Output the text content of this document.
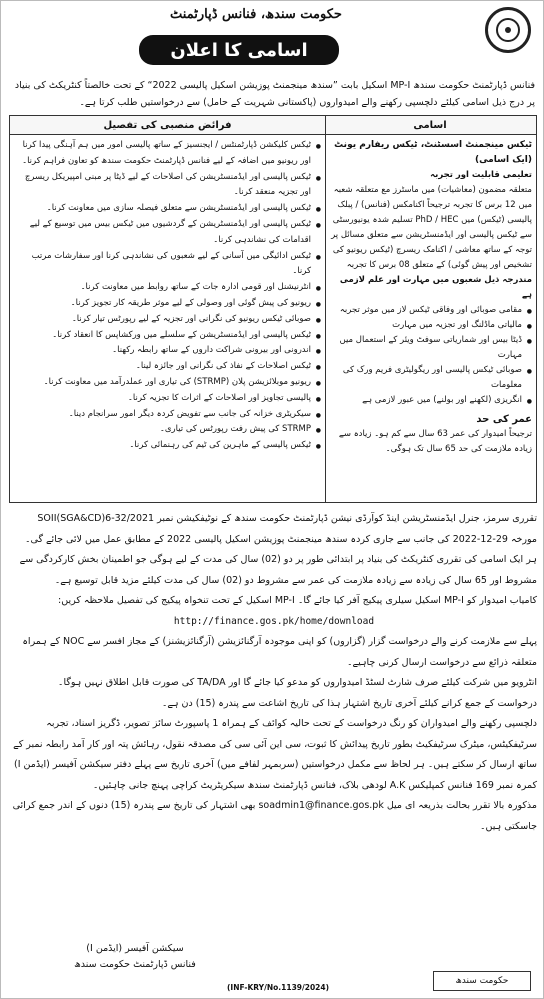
حکومت سندھ، فنانس ڈپارٹمنٹ
اسامی کا اعلان
فنانس ڈپارٹمنٹ حکومت سندھ MP-I اسکیل بابت ”سندھ مینجمنٹ پوزیشن اسکیل پالیسی 2022“ کے تحت خالصتاً کنٹریکٹ کی بنیاد پر درج ذیل اسامی کیلئے دلچسپی رکھنے والے امیدواروں (پاکستانی شہریت کے حامل) سے درخواستیں طلب کرتا ہے۔
اسامی
فرائض منصبی کی تفصیل
ٹیکس مینجمنٹ اسسٹنٹ، ٹیکس ریفارم یونٹ (ایک اسامی)
تعلیمی قابلیت اور تجربہ
متعلقہ مضمون (معاشیات) میں ماسٹرز مع متعلقہ شعبہ میں 12 برس کا تجربہ ترجیحاً اکنامکس (فنانس) / پبلک پالیسی (ٹیکس) میں PhD / HEC تسلیم شدہ یونیورسٹی سے ٹیکس پالیسی اور ایڈمنسٹریشن سے متعلق مسائل پر توجہ کے ساتھ معاشی / اکنامک ریسرچ (ٹیکس ریونیو کی تشخیص اور پیش گوئی) کے متعلق 08 برس کا تجربہ
مندرجہ ذیل شعبوں میں مہارت اور علم لازمی ہے
● مقامی صوبائی اور وفاقی ٹیکس لاز میں موثر تجربہ
● مالیاتی ماڈلنگ اور تجزیہ میں مہارت
● ڈیٹا بیس اور شماریاتی سوفٹ ویئر کے استعمال میں مہارت
● صوبائی ٹیکس پالیسی اور ریگولیٹری فریم ورک کی معلومات
● انگریزی (لکھنے اور بولنے) میں عبور لازمی ہے
عمر کی حد
ترجیحاً امیدوار کی عمر 63 سال سے کم ہو۔ زیادہ سے زیادہ ملازمت کی حد 65 سال تک ہوگی۔
● ٹیکس کلیکشن ڈپارٹمنٹس / ایجنسیز کے ساتھ پالیسی امور میں ہم آہنگی پیدا کرنا اور ریونیو میں اضافہ کے لیے فنانس ڈپارٹمنٹ حکومت سندھ کو تعاون فراہم کرنا۔
● ٹیکس پالیسی اور ایڈمنسٹریشن کی اصلاحات کے لیے ڈیٹا پر مبنی امپیریکل ریسرچ اور تجزیہ منعقد کرنا۔
● ٹیکس پالیسی اور ایڈمنسٹریشن سے متعلق فیصلہ سازی میں معاونت کرنا۔
● ٹیکس پالیسی اور ایڈمنسٹریشن کے گردشیوں میں ٹیکس بیس میں توسیع کے لیے اقدامات کی نشاندہی کرنا۔
● ٹیکس ادائیگی میں آسانی کے لیے شعبوں کی نشاندہی کرنا اور سفارشات مرتب کرنا۔
● انٹرنیشنل اور قومی ادارہ جات کے ساتھ روابط میں معاونت کرنا۔
● ریونیو کی پیش گوئی اور وصولی کے لیے موثر طریقہ کار تجویز کرنا۔
● صوبائی ٹیکس ریونیو کی نگرانی اور تجزیہ کے لیے رپورٹس تیار کرنا۔
● ٹیکس پالیسی اور ایڈمنسٹریشن کے سلسلے میں ورکشاپس کا انعقاد کرنا۔
● اندرونی اور بیرونی شراکت داروں کے ساتھ رابطہ رکھنا۔
● ٹیکس اصلاحات کے نفاذ کی نگرانی اور جائزہ لینا۔
● ریونیو موبلائزیشن پلان (STRMP) کی تیاری اور عملدرآمد میں معاونت کرنا۔
● پالیسی تجاویز اور اصلاحات کے اثرات کا تجزیہ کرنا۔
● سیکریٹری خزانہ کی جانب سے تفویض کردہ دیگر امور سرانجام دینا۔
● STRMP کی پیش رفت رپورٹس کی تیاری۔
● ٹیکس پالیسی کے ماہرین کی ٹیم کی رہنمائی کرنا۔

تقرری سرمز، جنرل ایڈمنسٹریشن اینڈ کوآرڈی نیشن ڈپارٹمنٹ حکومت سندھ کے نوٹیفکیشن نمبر SOII(SGA&CD)6-32/2021 مورخہ 29-12-2022 کی جانب سے جاری کردہ سندھ مینجمنٹ پوزیشن اسکیل پالیسی 2022 کے مطابق عمل میں لائی جائے گی۔

ہر ایک اسامی کی تقرری کنٹریکٹ کی بنیاد پر ابتدائی طور پر دو (02) سال کی مدت کے لیے ہوگی جو اطمینان بخش کارکردگی سے مشروط اور 65 سال کی زیادہ سے زیادہ ملازمت کی عمر سے مشروط دو (02) سال کی مدت کیلئے مزید قابل توسیع ہے۔

کامیاب امیدوار کو MP-I اسکیل سیلری پیکیج آفر کیا جائے گا۔ MP-I اسکیل کے تحت تنخواہ پیکیج کی تفصیل ملاحظہ کریں:

http://finance.gos.pk/home/download

پہلے سے ملازمت کرنے والے درخواست گزار (گزاروں) کو اپنی موجودہ آرگنائزیشن (آرگنائزیشنز) کے مجاز افسر سے NOC کے ہمراہ متعلقہ ذرائع سے درخواست ارسال کرنی چاہیے۔

انٹرویو میں شرکت کیلئے صرف شارٹ لسٹڈ امیدواروں کو مدعو کیا جائے گا اور TA/DA کی صورت قابل اطلاق نہیں ہوگا۔

درخواست کے جمع کرانے کیلئے آخری تاریخ اشتہار ہذا کی تاریخ اشاعت سے پندرہ (15) دن ہے۔

دلچسپی رکھنے والے امیدواران کو رنگ درخواست کے تحت حالیہ کوائف کے ہمراہ 1 پاسپورٹ سائز تصویر، ڈگریز اسناد، تجربہ سرٹیفکیٹس، میٹرک سرٹیفکیٹ بطور تاریخ پیدائش کا ثبوت، سی این آئی سی کی مصدقہ نقول، رہائش پتہ اور کار آمد رابطہ نمبر کے ساتھ ارسال کر سکتے ہیں۔ ہر لحاظ سے مکمل درخواستیں (سربمہر لفافے میں) آخری تاریخ سے پہلے دفتر سیکشن آفیسر (ایڈمن I) کمرہ نمبر 169 فنانس کمپلیکس A.K لودھی بلاک، فنانس ڈپارٹمنٹ سندھ سیکریٹریٹ کراچی پہنچ جانی چاہئیں۔

مذکورہ بالا تقرر بحالت بذریعہ ای میل soadmin1@finance.gos.pk بھی اشتہار کی تاریخ سے پندرہ (15) دنوں کے اندر جمع کرائی جاسکتی ہیں۔

سیکشن آفیسر (ایڈمن I)
فنانس ڈپارٹمنٹ حکومت سندھ
حکومت سندھ
(INF-KRY/No.1139/2024)
